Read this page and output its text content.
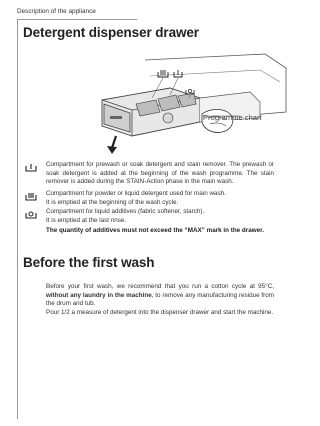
Description of the appliance
Detergent dispenser drawer
Programme chart
Compartment for prewash or soak detergent and stain remover. The prewash or soak detergent is added at the beginning of the wash programme. The stain remover is added during the STAIN-Action phase in the main wash.
Compartment for powder or liquid detergent used for main wash.
It is emptied at the beginning of the wash cycle.
Compartment for liquid additives (fabric softener, starch).
It is emptied at the last rinse.
The quantity of additives must not exceed the “MAX” mark in the drawer.
Before the first wash
Before your first wash, we recommend that you run a cotton cycle at 95°C, without any laundry in the machine, to remove any manufacturing residue from the drum and tub.
Pour 1/2 a measure of detergent into the dispenser drawer and start the machine.
